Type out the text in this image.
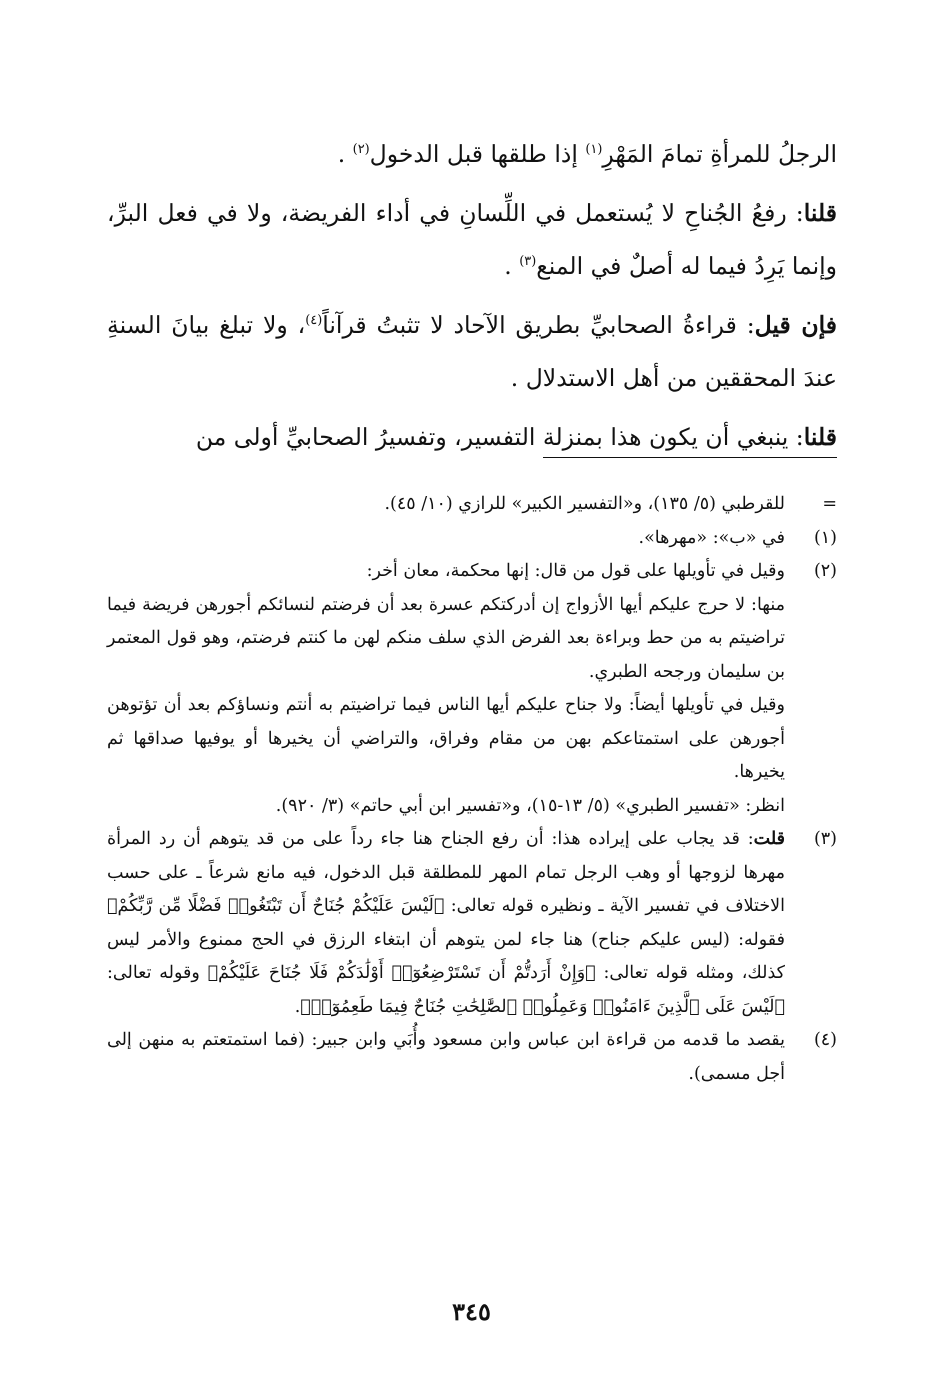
الرجلُ للمرأةِ تمامَ المَهْرِ$^{(١)}$ إذا طلقها قبل الدخول$^{(٢)}$ .

قلنا: رفعُ الجُناحِ لا يُستعمل في اللِّسانِ في أداء الفريضة، ولا في فعل البرِّ، وإنما يَرِدُ فيما له أصلٌ في المنع$^{(٣)}$ .

فإن قيل: قراءةُ الصحابيِّ بطريق الآحاد لا تثبتُ قرآناً$^{(٤)}$، ولا تبلغ بيانَ السنةِ عندَ المحققين من أهل الاستدلال .

قلنا: ينبغي أن يكون هذا بمنزلة التفسير، وتفسيرُ الصحابيِّ أولى من

=
للقرطبي (٥/ ١٣٥)، و«التفسير الكبير» للرازي (١٠/ ٤٥).
(١)
في «ب»: «مهرها».
(٢)
وقيل في تأويلها على قول من قال: إنها محكمة، معان أخر:
منها: لا حرج عليكم أيها الأزواج إن أدركتكم عسرة بعد أن فرضتم لنسائكم أجورهن فريضة فيما تراضيتم به من حط وبراءة بعد الفرض الذي سلف منكم لهن ما كنتم فرضتم، وهو قول المعتمر بن سليمان ورجحه الطبري.
وقيل في تأويلها أيضاً: ولا جناح عليكم أيها الناس فيما تراضيتم به أنتم ونساؤكم بعد أن تؤتوهن أجورهن على استمتاعكم بهن من مقام وفراق، والتراضي أن يخيرها أو يوفيها صداقها ثم يخيرها.
انظر: «تفسير الطبري» (٥/ ١٣-١٥)، و«تفسير ابن أبي حاتم» (٣/ ٩٢٠).
(٣)
قلت: قد يجاب على إيراده هذا: أن رفع الجناح هنا جاء رداً على من قد يتوهم أن رد المرأة مهرها لزوجها أو وهب الرجل تمام المهر للمطلقة قبل الدخول، فيه مانع شرعاً ـ على حسب الاختلاف في تفسير الآية ـ ونظيره قوله تعالى: ﴿لَيْسَ عَلَيْكُمْ جُنَاحٌ أَن تَبْتَغُوا۟ فَضْلًا مِّن رَّبِّكُمْ﴾ فقوله: (ليس عليكم جناح) هنا جاء لمن يتوهم أن ابتغاء الرزق في الحج ممنوع والأمر ليس كذلك، ومثله قوله تعالى: ﴿وَإِنْ أَرَدتُّمْ أَن تَسْتَرْضِعُوٓا۟ أَوْلَٰدَكُمْ فَلَا جُنَاحَ عَلَيْكُمْ﴾ وقوله تعالى: ﴿لَيْسَ عَلَى ٱلَّذِينَ ءَامَنُوا۟ وَعَمِلُوا۟ ٱلصَّٰلِحَٰتِ جُنَاحٌ فِيمَا طَعِمُوٓا۟﴾.
(٤)
يقصد ما قدمه من قراءة ابن عباس وابن مسعود وأُبَي وابن جبير: (فما استمتعتم به منهن إلى أجل مسمى).
٣٤٥
